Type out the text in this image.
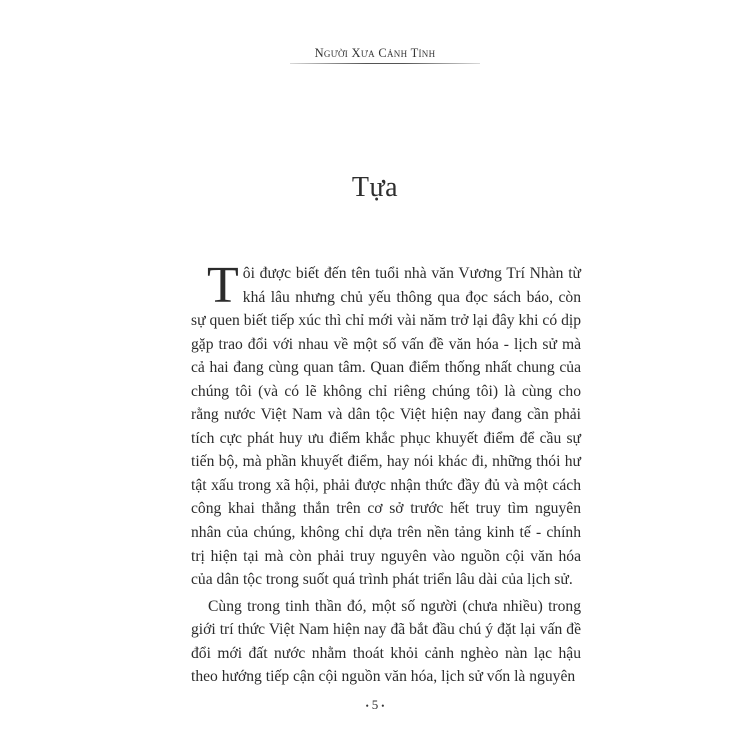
Người Xưa Cảnh Tỉnh
Tựa

Tôi được biết đến tên tuổi nhà văn Vương Trí Nhàn từ khá lâu nhưng chủ yếu thông qua đọc sách báo, còn sự quen biết tiếp xúc thì chỉ mới vài năm trở lại đây khi có dịp gặp trao đổi với nhau về một số vấn đề văn hóa - lịch sử mà cả hai đang cùng quan tâm. Quan điểm thống nhất chung của chúng tôi (và có lẽ không chỉ riêng chúng tôi) là cùng cho rằng nước Việt Nam và dân tộc Việt hiện nay đang cần phải tích cực phát huy ưu điểm khắc phục khuyết điểm để cầu sự tiến bộ, mà phần khuyết điểm, hay nói khác đi, những thói hư tật xấu trong xã hội, phải được nhận thức đầy đủ và một cách công khai thẳng thắn trên cơ sở trước hết truy tìm nguyên nhân của chúng, không chỉ dựa trên nền tảng kinh tế - chính trị hiện tại mà còn phải truy nguyên vào nguồn cội văn hóa của dân tộc trong suốt quá trình phát triển lâu dài của lịch sử.

Cùng trong tinh thần đó, một số người (chưa nhiều) trong giới trí thức Việt Nam hiện nay đã bắt đầu chú ý đặt lại vấn đề đổi mới đất nước nhằm thoát khỏi cảnh nghèo nàn lạc hậu theo hướng tiếp cận cội nguồn văn hóa, lịch sử vốn là nguyên

• 5 •
